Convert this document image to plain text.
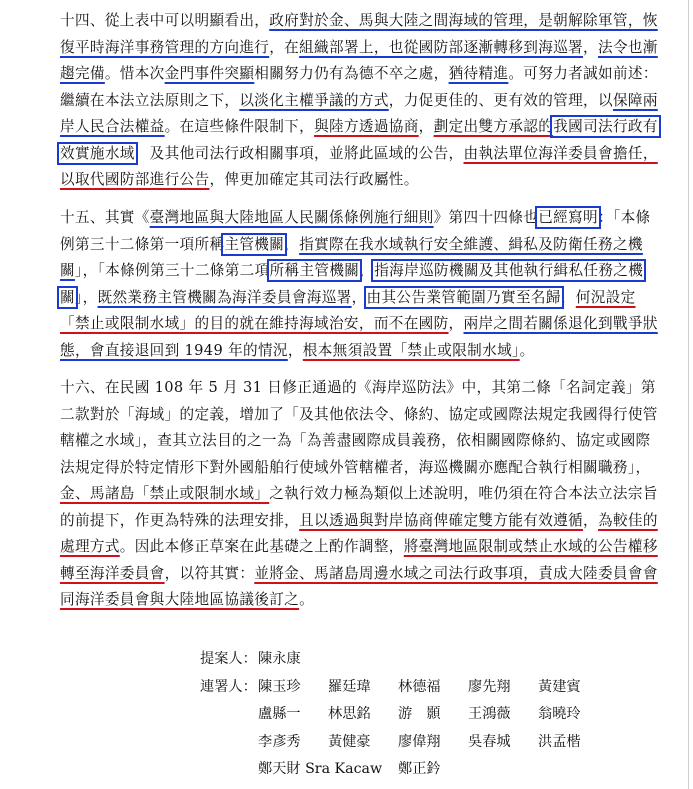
十四、從上表中可以明顯看出，政府對於金、馬與大陸之間海域的管理，是朝解除軍管，恢復平時海洋事務管理的方向進行，在組織部署上，也從國防部逐漸轉移到海巡署，法令也漸趨完備。惜本次金門事件突顯相關努力仍有為德不卒之處，猶待精進。可努力者誠如前述：繼續在本法立法原則之下，以淡化主權爭議的方式，力促更佳的、更有效的管理，以保障兩岸人民合法權益。在這些條件限制下，與陸方透過協商，劃定出雙方承認的我國司法行政有效實施水域，及其他司法行政相關事項，並將此區域的公告，由執法單位海洋委員會擔任，以取代國防部進行公告，俾更加確定其司法行政屬性。

十五、其實《臺灣地區與大陸地區人民關係條例施行細則》第四十四條也已經寫明：「本條例第三十二條第一項所稱主管機關，指實際在我水域執行安全維護、緝私及防衛任務之機關」，「本條例第三十二條第二項所稱主管機關，指海岸巡防機關及其他執行緝私任務之機關」，既然業務主管機關為海洋委員會海巡署，由其公告業管範圍乃實至名歸，何況設定「禁止或限制水域」的目的就在維持海域治安，而不在國防，兩岸之間若關係退化到戰爭狀態，會直接退回到 1949 年的情況，根本無須設置「禁止或限制水域」。

十六、在民國 108 年 5 月 31 日修正通過的《海岸巡防法》中，其第二條「名詞定義」第二款對於「海域」的定義，增加了「及其他依法令、條約、協定或國際法規定我國得行使管轄權之水域」，查其立法目的之一為「為善盡國際成員義務，依相關國際條約、協定或國際法規定得於特定情形下對外國船舶行使域外管轄權者，海巡機關亦應配合執行相關職務」，金、馬諸島「禁止或限制水域」之執行效力極為類似上述說明，唯仍須在符合本法立法宗旨的前提下，作更為特殊的法理安排，且以透過與對岸協商俾確定雙方能有效遵循，為較佳的處理方式。因此本修正草案在此基礎之上酌作調整，將臺灣地區限制或禁止水域的公告權移轉至海洋委員會，以符其實：並將金、馬諸島周邊水域之司法行政事項，責成大陸委員會會同海洋委員會與大陸地區協議後訂之。

提案人： 陳永康
連署人： 陳玉珍	羅廷瑋	林德福	廖先翔	黃建賓
盧縣一	林思銘	游　顥	王鴻薇	翁曉玲
李彥秀	黃健豪	廖偉翔	吳春城	洪孟楷
鄭天財 Sra Kacaw	鄭正鈐
